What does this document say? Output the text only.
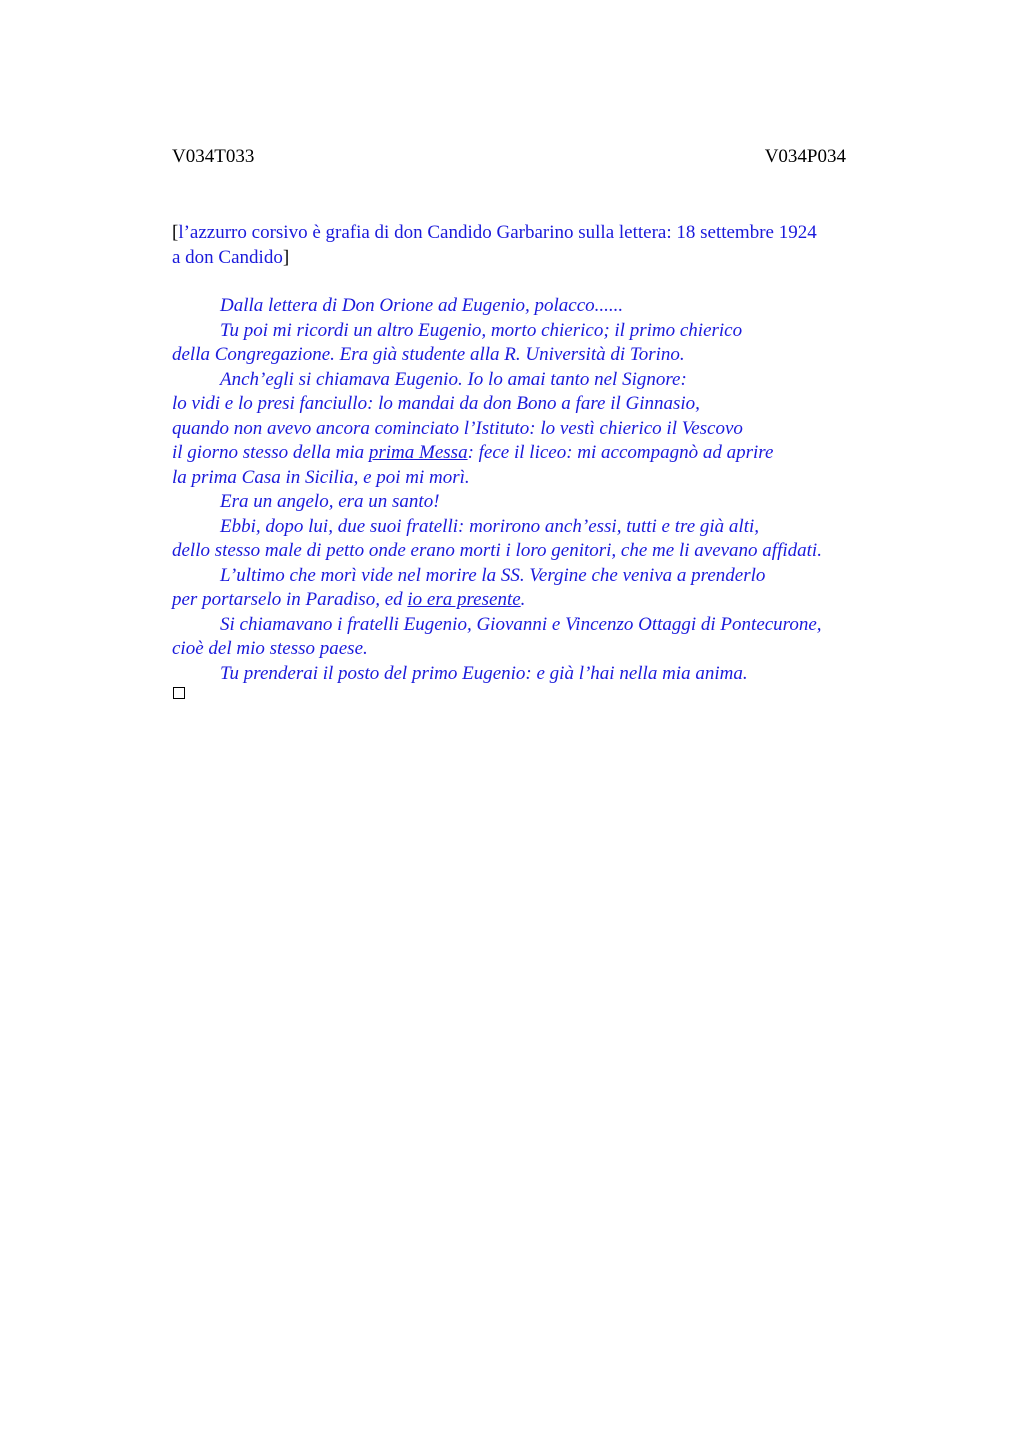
V034T033	V034P034
[l’azzurro corsivo è grafia di don Candido Garbarino sulla lettera: 18 settembre 1924
a don Candido]
Dalla lettera di Don Orione ad Eugenio, polacco......
Tu poi mi ricordi un altro Eugenio, morto chierico; il primo chierico
della Congregazione. Era già studente alla R. Università di Torino.
Anch’egli si chiamava Eugenio. Io lo amai tanto nel Signore:
lo vidi e lo presi fanciullo: lo mandai da don Bono a fare il Ginnasio,
quando non avevo ancora cominciato l’Istituto: lo vestì chierico il Vescovo
il giorno stesso della mia prima Messa: fece il liceo: mi accompagnò ad aprire
la prima Casa in Sicilia, e poi mi morì.
Era un angelo, era un santo!
Ebbi, dopo lui, due suoi fratelli: morirono anch’essi, tutti e tre già alti,
dello stesso male di petto onde erano morti i loro genitori, che me li avevano affidati.
L’ultimo che morì vide nel morire la SS. Vergine che veniva a prenderlo
per portarselo in Paradiso, ed io era presente.
Si chiamavano i fratelli Eugenio, Giovanni e Vincenzo Ottaggi di Pontecurone,
cioè del mio stesso paese.
Tu prenderai il posto del primo Eugenio: e già l’hai nella mia anima.
